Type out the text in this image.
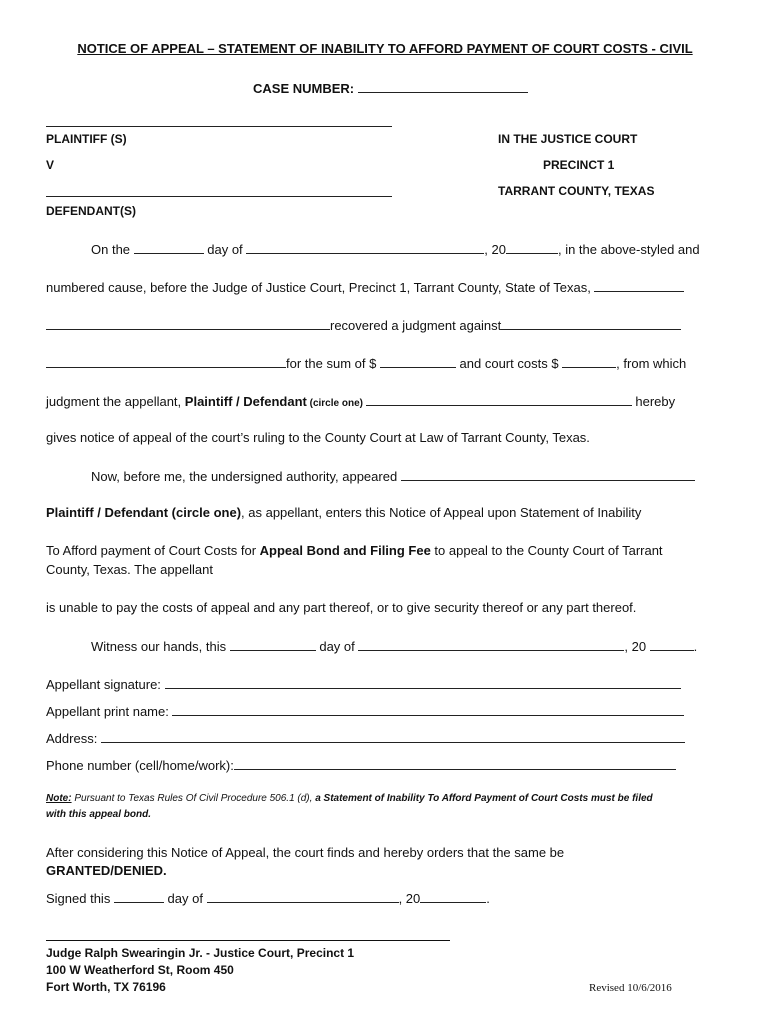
NOTICE OF APPEAL – STATEMENT OF INABILITY TO AFFORD PAYMENT OF COURT COSTS - CIVIL
CASE NUMBER:
PLAINTIFF (S)
V
DEFENDANT(S)
IN THE JUSTICE COURT
PRECINCT 1
TARRANT COUNTY, TEXAS
On the	day of	, 20	, in the above-styled and
numbered cause, before the Judge of Justice Court, Precinct 1, Tarrant County, State of Texas,
recovered a judgment against
for the sum of $	and court costs $	, from which
judgment the appellant, Plaintiff / Defendant (circle one)	hereby
gives notice of appeal of the court’s ruling to the County Court at Law of Tarrant County, Texas.
Now, before me, the undersigned authority, appeared
Plaintiff / Defendant (circle one), as appellant, enters this Notice of Appeal upon Statement of Inability
To Afford payment of Court Costs for Appeal Bond and Filing Fee to appeal to the County Court of Tarrant
County, Texas. The appellant
is unable to pay the costs of appeal and any part thereof, or to give security thereof or any part thereof.
Witness our hands, this	day of	, 20	.
Appellant signature:
Appellant print name:
Address:
Phone number (cell/home/work):
Note: Pursuant to Texas Rules Of Civil Procedure 506.1 (d), a Statement of Inability To Afford Payment of Court Costs must be filed
with this appeal bond.
After considering this Notice of Appeal, the court finds and hereby orders that the same be
GRANTED/DENIED.
Signed this	day of	, 20	.
Judge Ralph Swearingin Jr. - Justice Court, Precinct 1
100 W Weatherford St, Room 450
Fort Worth, TX 76196	Revised 10/6/2016
